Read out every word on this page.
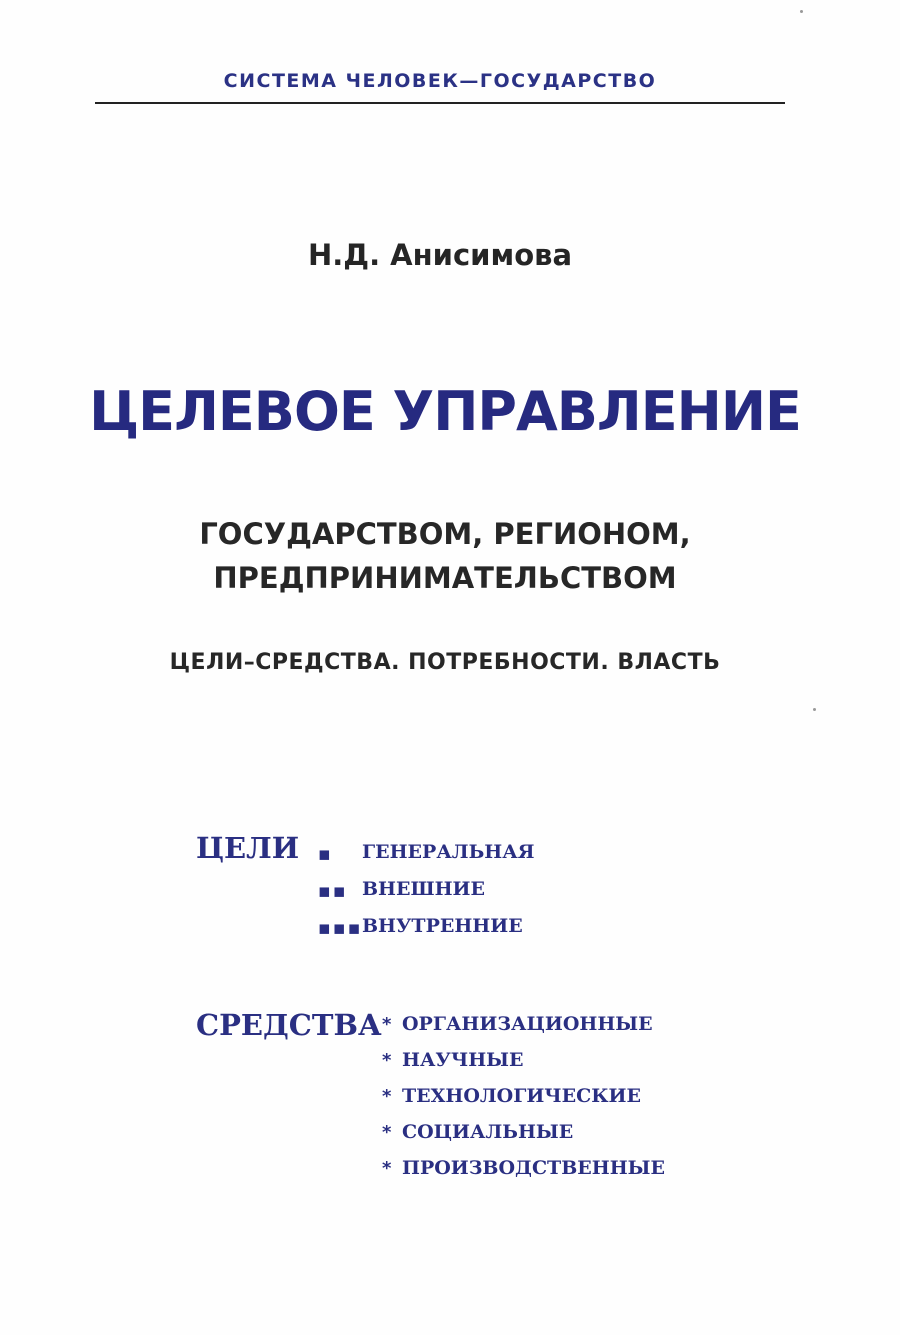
СИСТЕМА ЧЕЛОВЕК—ГОСУДАРСТВО
Н.Д. Анисимова
ЦЕЛЕВОЕ УПРАВЛЕНИЕ
ГОСУДАРСТВОМ, РЕГИОНОМ,
ПРЕДПРИНИМАТЕЛЬСТВОМ
ЦЕЛИ–СРЕДСТВА. ПОТРЕБНОСТИ. ВЛАСТЬ
ЦЕЛИ ▪ ГЕНЕРАЛЬНАЯ
▪▪ ВНЕШНИЕ
▪▪▪ ВНУТРЕННИЕ
СРЕДСТВА * ОРГАНИЗАЦИОННЫЕ
* НАУЧНЫЕ
* ТЕХНОЛОГИЧЕСКИЕ
* СОЦИАЛЬНЫЕ
* ПРОИЗВОДСТВЕННЫЕ
